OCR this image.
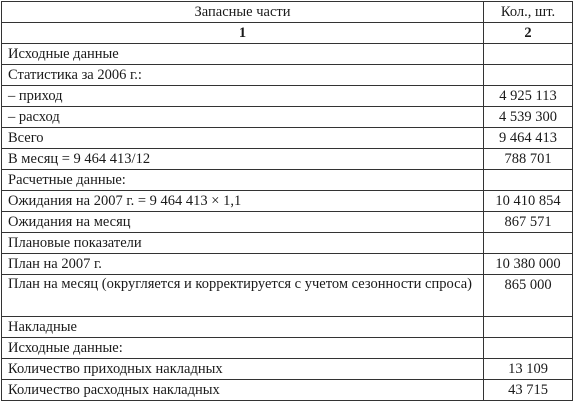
Запасные части	Кол., шт.
1	2
Исходные данные	
Статистика за 2006 г.:	
– приход	4 925 113
– расход	4 539 300
Всего	9 464 413
В месяц = 9 464 413/12	788 701
Расчетные данные:	
Ожидания на 2007 г. = 9 464 413 × 1,1	10 410 854
Ожидания на месяц	867 571
Плановые показатели	
План на 2007 г.	10 380 000
План на месяц (округляется и корректируется с учетом сезонности спроса)	865 000
Накладные	
Исходные данные:	
Количество приходных накладных	13 109
Количество расходных накладных	43 715
